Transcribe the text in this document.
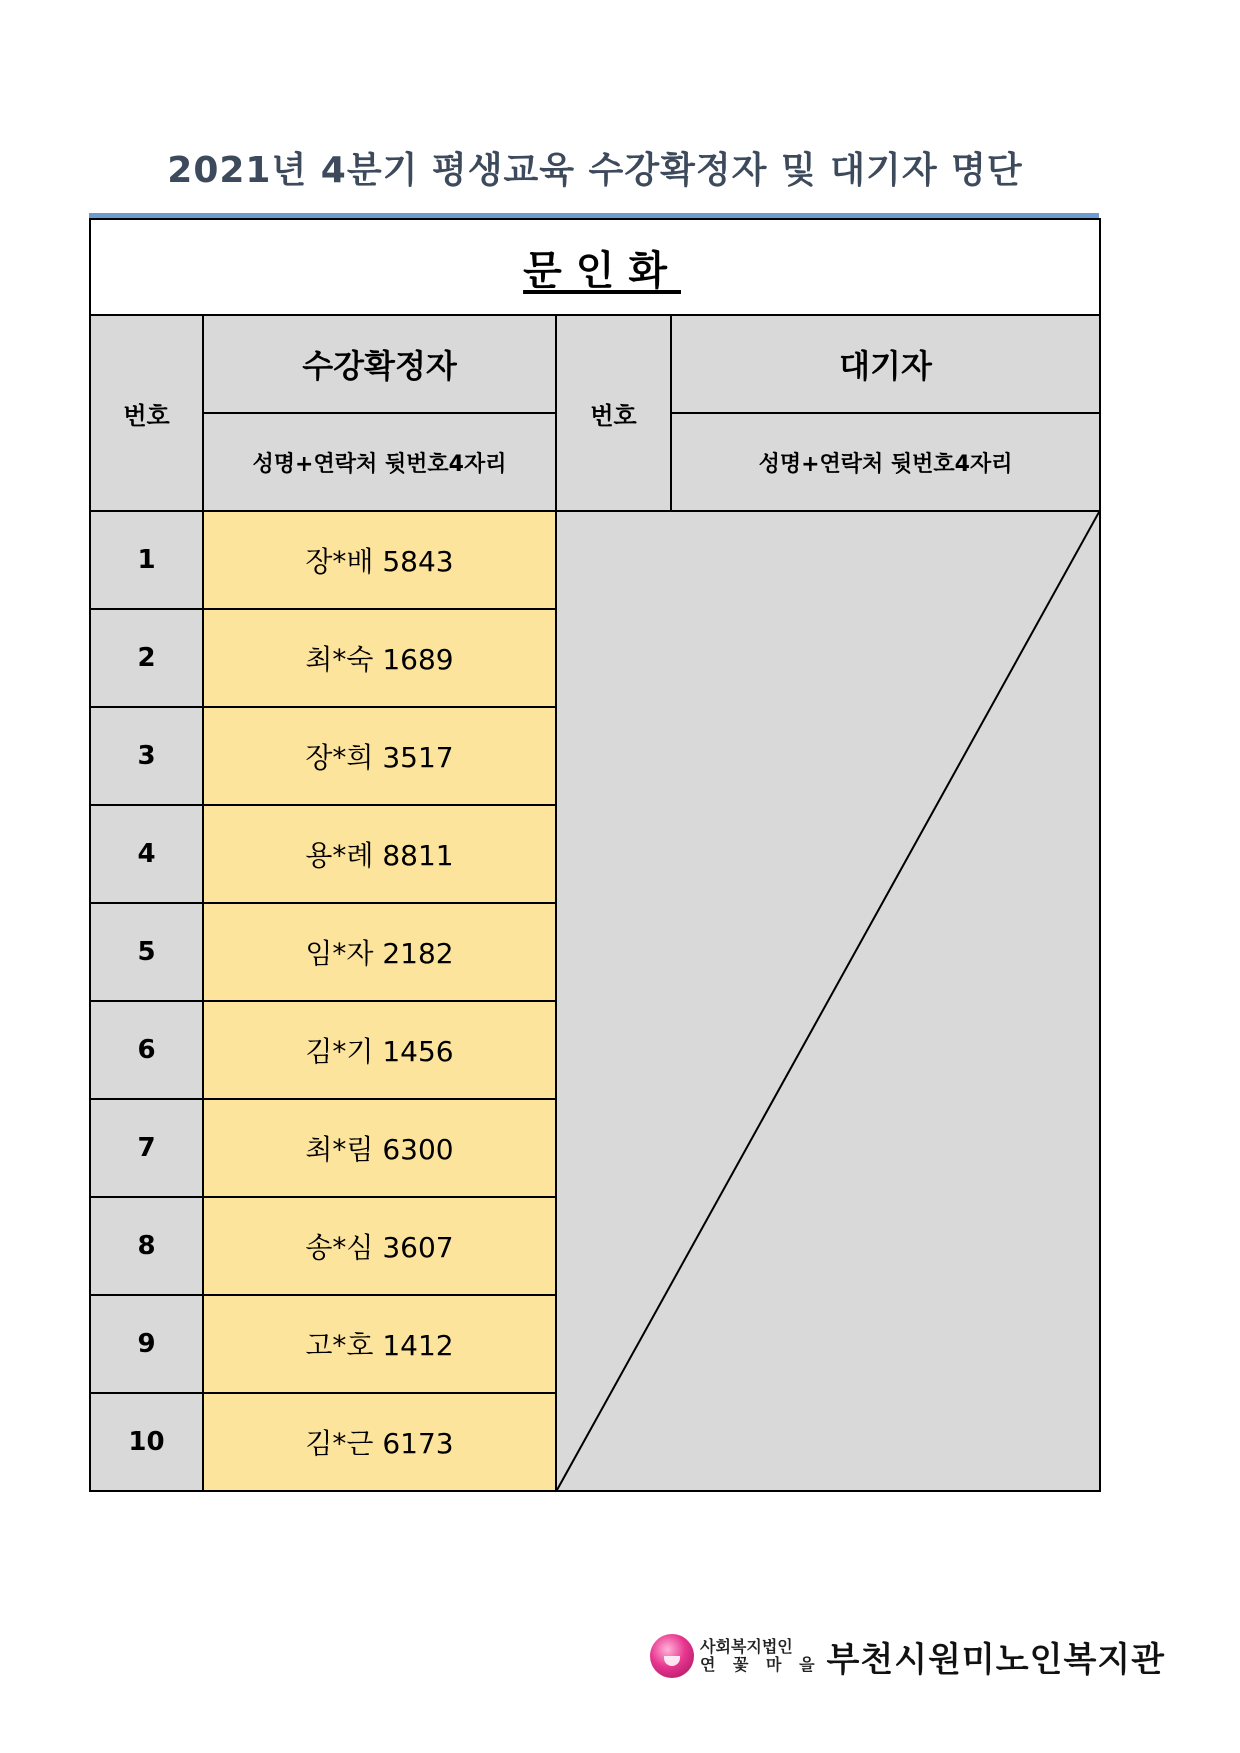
2021년 4분기 평생교육 수강확정자 및 대기자 명단
문인화			
번호	수강확정자	번호	대기자
	성명+연락처 뒷번호4자리		성명+연락처 뒷번호4자리
1	장*배 5843	

2	최*숙 1689		
3	장*희 3517		
4	용*례 8811		
5	임*자 2182		
6	김*기 1456		
7	최*림 6300		
8	송*심 3607		
9	고*호 1412		
10	김*근 6173		
사회복지법인
연 꽃 마 을 부천시원미노인복지관
